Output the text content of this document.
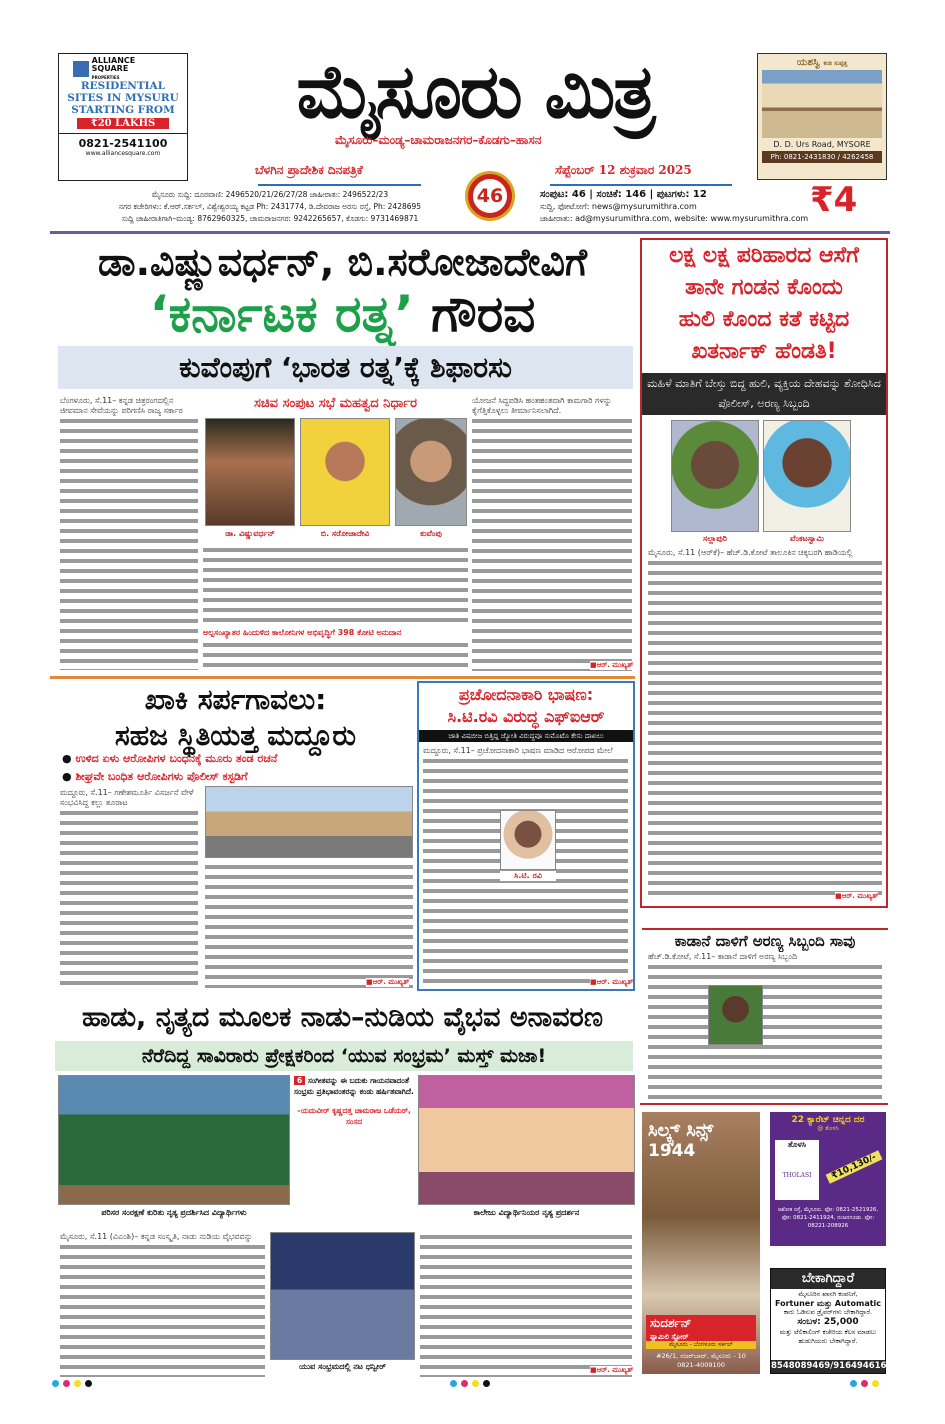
ALLIANCE SQUARE
PROPERTIES
RESIDENTIAL
SITES IN MYSURU
STARTING FROM
₹20 LAKHS
0821-2541100
www.alliancesquare.com
ಮೈಸೂರು ಮಿತ್ರ
ಮೈಸೂರು–ಮಂಡ್ಯ–ಚಾಮರಾಜನಗರ–ಕೊಡಗು–ಹಾಸನ
ಬೆಳಗಿನ ಪ್ರಾದೇಶಿಕ ದಿನಪತ್ರಿಕೆ	ಸೆಪ್ಟೆಂಬರ್ 12 ಶುಕ್ರವಾರ 2025
46
ಮೈಸೂರು ಸುದ್ದಿ: ದೂರವಾಣಿ: 2496520/21/26/27/28 ಜಾಹೀರಾತು: 2496522/23
ನಗರ ಕಚೇರಿಗಳು: ಕೆ.ಆರ್.ಸರ್ಕಲ್, ವಿಶ್ವೇಶ್ವರಯ್ಯ ಕಟ್ಟಡ Ph: 2431774, ಡಿ.ದೇವರಾಜ ಅರಸು ರಸ್ತೆ, Ph: 2428695
ಸುದ್ದಿ ಜಾಹೀರಾತಿಗಾಗಿ–ಮಂಡ್ಯ: 8762960325, ಚಾಮರಾಜನಗರ: 9242265657, ಕೊಡಗು: 9731469871
ಸಂಪುಟ: 46 | ಸಂಚಿಕೆ: 146 | ಪುಟಗಳು: 12
ಸುದ್ದಿ, ಫೋಟೋಗೆ: news@mysurumithra.com
ಜಾಹೀರಾತು: ad@mysurumithra.com, website: www.mysurumithra.com ₹4
ಯಶಸ್ವಿ ಕಂಠಿ ಸುಪ್ಪತ್ತ
D. D. Urs Road, MYSORE
Ph: 0821-2431830 / 4262458
ಡಾ.ವಿಷ್ಣುವರ್ಧನ್, ಬಿ.ಸರೋಜಾದೇವಿಗೆ
‘ಕರ್ನಾಟಕ ರತ್ನ’ ಗೌರವ
ಕುವೆಂಪುಗೆ ‘ಭಾರತ ರತ್ನ’ಕ್ಕೆ ಶಿಫಾರಸು
ಬೆಂಗಳೂರು, ಸೆ.11– ಕನ್ನಡ ಚಿತ್ರರಂಗದಲ್ಲಿನ ಜೀವಮಾನ ಸೇವೆಯನ್ನು ಪರಿಗಣಿಸಿ ರಾಜ್ಯ ಸರ್ಕಾರ	ಸಚಿವ ಸಂಪುಟ ಸಭೆ ಮಹತ್ವದ ನಿರ್ಧಾರ
ಡಾ. ವಿಷ್ಣುವರ್ಧನ್	ಬಿ. ಸರೋಜಾದೇವಿ	ಕುವೆಂಪು
ಯೋಜನೆ ಸಿದ್ಧಪಡಿಸಿ ಹಂತಹಂತವಾಗಿ ಕಾಮಗಾರಿ ಗಳನ್ನು ಕೈಗೆತ್ತಿಕೊಳ್ಳಲು ತೀರ್ಮಾನಿಸಲಾಗಿದೆ.
ಅಲ್ಪಸಂಖ್ಯಾತರ ಹಿಂದುಳಿದ ಕಾಲೋನಿಗಳ ಅಭಿವೃದ್ಧಿಗೆ 398 ಕೋಟಿ ಅನುದಾನ
■ಆರ್. ಮುಖ್ಯತ್
ಲಕ್ಷ ಲಕ್ಷ ಪರಿಹಾರದ ಆಸೆಗೆ
ತಾನೇ ಗಂಡನ ಕೊಂದು
ಹುಲಿ ಕೊಂದ ಕತೆ ಕಟ್ಟಿದ
ಖತರ್ನಾಕ್ ಹೆಂಡತಿ!
ಮಹಿಳೆ ಮಾತಿಗೆ ಬೇಸ್ತು ಬಿದ್ದ ಹುಲಿ, ವ್ಯಕ್ತಿಯ ದೇಹವನ್ನು ಶೋಧಿಸಿದ ಪೊಲೀಸ್, ಅರಣ್ಯ ಸಿಬ್ಬಂದಿ
ಸಲ್ಲಾಪುರಿ	ವೆಂಕಟಸ್ವಾಮಿ
ಮೈಸೂರು, ಸೆ.11 (ಆರ್‌ಕೆ)– ಹೆಚ್.ಡಿ.ಕೋಟೆ ತಾಲೂಕಿನ ಚಿಕ್ಕಬರಗಿ ಹಾಡಿಯಲ್ಲಿ
■ಆರ್. ಮುಖ್ಯತ್
ಖಾಕಿ ಸರ್ಪಗಾವಲು:
ಸಹಜ ಸ್ಥಿತಿಯತ್ತ ಮದ್ದೂರು
● ಉಳಿದ ಏಳು ಆರೋಪಿಗಳ ಬಂಧನಕ್ಕೆ ಮೂರು ತಂಡ ರಚನೆ
● ಶೀಘ್ರವೇ ಬಂಧಿತ ಆರೋಪಿಗಳು ಪೊಲೀಸ್ ಕಸ್ಟಡಿಗೆ
ಮದ್ದೂರು, ಸೆ.11– ಗಣೇಶಮೂರ್ತಿ ವಿಸರ್ಜನೆ ವೇಳೆ ಸಂಭವಿಸಿದ್ದ ಕಲ್ಲು ತೂರಾಟ
■ಆರ್. ಮುಖ್ಯತ್
ಪ್ರಚೋದನಾಕಾರಿ ಭಾಷಣ:
ಸಿ.ಟಿ.ರವಿ ವಿರುದ್ಧ ಎಫ್‌ಐಆರ್
ಜಾತಿ ವಿಷಬೀಜ ಬಿತ್ತಿದ್ದ ಜ್ಯೋತಿ ವಿರುದ್ಧವೂ ಸುಮೊಟೊ ಕೇಸು ದಾಖಲು
ಮದ್ದೂರು, ಸೆ.11– ಪ್ರಚೋದನಾಕಾರಿ ಭಾಷಣ ಮಾಡಿದ ಆರೋಪದ ಮೇಲೆ
ಸಿ.ಟಿ. ರವಿ
■ಆರ್. ಮುಖ್ಯತ್
ಕಾಡಾನೆ ದಾಳಿಗೆ ಅರಣ್ಯ ಸಿಬ್ಬಂದಿ ಸಾವು
ಹೆಚ್.ಡಿ.ಕೋಟೆ, ಸೆ.11– ಕಾಡಾನೆ ದಾಳಿಗೆ ಅರಣ್ಯ ಸಿಬ್ಬಂದಿ
ಹಾಡು, ನೃತ್ಯದ ಮೂಲಕ ನಾಡು–ನುಡಿಯ ವೈಭವ ಅನಾವರಣ
ನೆರೆದಿದ್ದ ಸಾವಿರಾರು ಪ್ರೇಕ್ಷಕರಿಂದ ‘ಯುವ ಸಂಭ್ರಮ’ ಮಸ್ತ್ ಮಜಾ!
6 ಸಂಗೀತವನ್ನು ಈ ಬದುಕು ಗಾಯನವಾದಂತೆ ಸಂಭ್ರಮ ಪ್ರತಿಭಾವಂತರನ್ನು ಕಂಡು ಹರ್ಷಿತವಾಗಿದೆ.
–ಯದುವೀರ್ ಕೃಷ್ಣದತ್ತ ಚಾಮರಾಜ ಒಡೆಯರ್, ಸಂಸದ
ಪರಿಸರ ಸಂರಕ್ಷಣೆ ಕುರಿತು ನೃತ್ಯ ಪ್ರದರ್ಶಿಸಿದ ವಿದ್ಯಾರ್ಥಿಗಳು	ಕಾಲೇಜು ವಿದ್ಯಾರ್ಥಿನಿಯರ ನೃತ್ಯ ಪ್ರದರ್ಶನ
ಮೈಸೂರು, ಸೆ.11 (ವಿಎಂಶಿ)– ಕನ್ನಡ ಸಂಸ್ಕೃತಿ, ನಾಡು ನುಡಿಯ ವೈಭವವನ್ನು
ಯುವ ಸಂಭ್ರಮದಲ್ಲಿ ನಟ ಧನ್ವೀರ್	■ಆರ್. ಮುಖ್ಯತ್
ಸಿಲ್ಕ್ಸ್ ಸಿನ್ಸ್
1944
ಸುದರ್ಶನ್
ಫ್ಯಾಮಿಲಿ ಸ್ಟೋರ್
ಮೈಸೂರು - ಬೆಂಗಳೂರು ಸರ್ಕಲ್
#26/1, ನಜರ್‌ಬಾದ್, ಮೈಸೂರು - 10
0821-4009100
22 ಕ್ಯಾರೆಟ್ ಚಿನ್ನದ ದರ
@ ತೊಳಸಿ
ತೊಳಸಿ
THOLASI	₹10,130/-
ಅಶೋಕ ರಸ್ತೆ, ಮೈಸೂರು. ಫೋ: 0821-2521926, ಫೋ: 0821-2411924, ನಂಜನಗೂಡು. ಫೋ: 08221-208926
ಬೇಕಾಗಿದ್ದಾರೆ
ಮೈಸೂರಿನ ಖಾಸಗಿ ಕಂಪನಿಗೆ,
Fortuner ಮತ್ತು Automatic
ಕಾರು ಓಡಿಸುವ ಡ್ರೈವರ್‌ಗಳು ಬೇಕಾಗಿದ್ದಾರೆ.
ಸಂಬಳ: 25,000
ಮತ್ತು ಟೆಲಿಕಾಲಿಂಗ್ ಕಚೇರಿಯ ಕೆಲಸ ಮಾಡಲು ಹುಡುಗಿಯರು ಬೇಕಾಗಿದ್ದಾರೆ.
8548089469/9164946160
